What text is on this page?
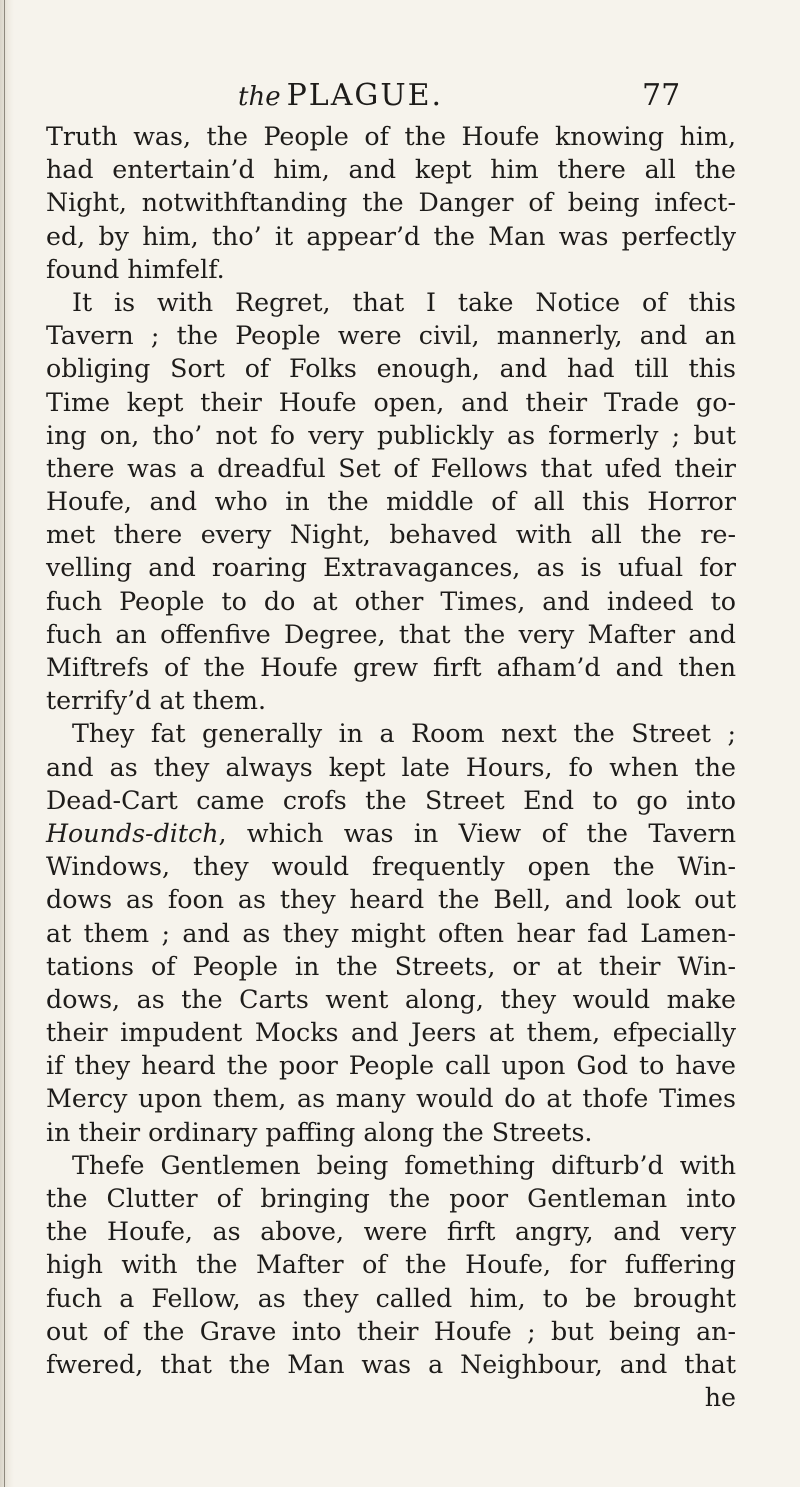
the PLAGUE.	77
Truth was, the People of the Houfe knowing him,
had entertain’d him, and kept him there all the
Night, notwithftanding the Danger of being infect-
ed, by him, tho’ it appear’d the Man was perfectly
found himfelf.
It is with Regret, that I take Notice of this
Tavern ; the People were civil, mannerly, and an
obliging Sort of Folks enough, and had till this
Time kept their Houfe open, and their Trade go-
ing on, tho’ not fo very publickly as formerly ; but
there was a dreadful Set of Fellows that ufed their
Houfe, and who in the middle of all this Horror
met there every Night, behaved with all the re-
velling and roaring Extravagances, as is ufual for
fuch People to do at other Times, and indeed to
fuch an offenfive Degree, that the very Mafter and
Miftrefs of the Houfe grew firft afham’d and then
terrify’d at them.
They fat generally in a Room next the Street ;
and as they always kept late Hours, fo when the
Dead-Cart came crofs the Street End to go into
Hounds-ditch, which was in View of the Tavern
Windows, they would frequently open the Win-
dows as foon as they heard the Bell, and look out
at them ; and as they might often hear fad Lamen-
tations of People in the Streets, or at their Win-
dows, as the Carts went along, they would make
their impudent Mocks and Jeers at them, efpecially
if they heard the poor People call upon God to have
Mercy upon them, as many would do at thofe Times
in their ordinary paffing along the Streets.
Thefe Gentlemen being fomething difturb’d with
the Clutter of bringing the poor Gentleman into
the Houfe, as above, were firft angry, and very
high with the Mafter of the Houfe, for fuffering
fuch a Fellow, as they called him, to be brought
out of the Grave into their Houfe ; but being an-
fwered, that the Man was a Neighbour, and that
he
